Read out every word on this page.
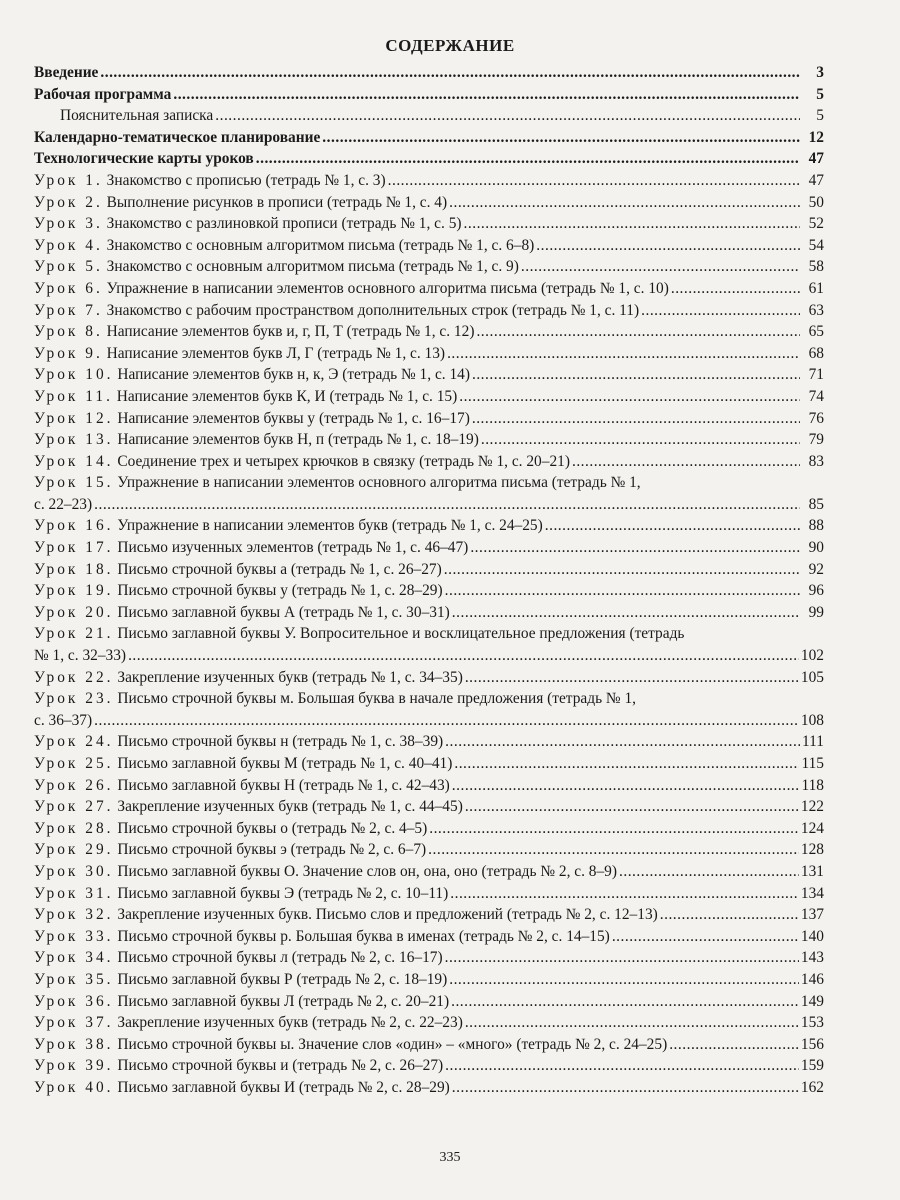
СОДЕРЖАНИЕ
Введение .....	3
Рабочая программа .....	5
Пояснительная записка .....	5
Календарно-тематическое планирование .....	12
Технологические карты уроков .....	47
Урок 1. Знакомство с прописью (тетрадь № 1, с. 3) .....	47
Урок 2. Выполнение рисунков в прописи (тетрадь № 1, с. 4) .....	50
Урок 3. Знакомство с разлиновкой прописи (тетрадь № 1, с. 5) .....	52
Урок 4. Знакомство с основным алгоритмом письма (тетрадь № 1, с. 6–8) .....	54
Урок 5. Знакомство с основным алгоритмом письма (тетрадь № 1, с. 9) .....	58
Урок 6. Упражнение в написании элементов основного алгоритма письма (тетрадь № 1, с. 10) .....	61
Урок 7. Знакомство с рабочим пространством дополнительных строк (тетрадь № 1, с. 11) .....	63
Урок 8. Написание элементов букв и, г, П, Т (тетрадь № 1, с. 12) .....	65
Урок 9. Написание элементов букв Л, Г (тетрадь № 1, с. 13) .....	68
Урок 10. Написание элементов букв н, к, Э (тетрадь № 1, с. 14) .....	71
Урок 11. Написание элементов букв К, И (тетрадь № 1, с. 15) .....	74
Урок 12. Написание элементов буквы у (тетрадь № 1, с. 16–17) .....	76
Урок 13. Написание элементов букв Н, п (тетрадь № 1, с. 18–19) .....	79
Урок 14. Соединение трех и четырех крючков в связку (тетрадь № 1, с. 20–21) .....	83
Урок 15. Упражнение в написании элементов основного алгоритма письма (тетрадь № 1,
с. 22–23) .....	85
Урок 16. Упражнение в написании элементов букв (тетрадь № 1, с. 24–25) .....	88
Урок 17. Письмо изученных элементов (тетрадь № 1, с. 46–47) .....	90
Урок 18. Письмо строчной буквы а (тетрадь № 1, с. 26–27) .....	92
Урок 19. Письмо строчной буквы у (тетрадь № 1, с. 28–29) .....	96
Урок 20. Письмо заглавной буквы А (тетрадь № 1, с. 30–31) .....	99
Урок 21. Письмо заглавной буквы У. Вопросительное и восклицательное предложения (тетрадь
№ 1, с. 32–33) .....	102
Урок 22. Закрепление изученных букв (тетрадь № 1, с. 34–35) .....	105
Урок 23. Письмо строчной буквы м. Большая буква в начале предложения (тетрадь № 1,
с. 36–37) .....	108
Урок 24. Письмо строчной буквы н (тетрадь № 1, с. 38–39) .....	111
Урок 25. Письмо заглавной буквы М (тетрадь № 1, с. 40–41) .....	115
Урок 26. Письмо заглавной буквы Н (тетрадь № 1, с. 42–43) .....	118
Урок 27. Закрепление изученных букв (тетрадь № 1, с. 44–45) .....	122
Урок 28. Письмо строчной буквы о (тетрадь № 2, с. 4–5) .....	124
Урок 29. Письмо строчной буквы э (тетрадь № 2, с. 6–7) .....	128
Урок 30. Письмо заглавной буквы О. Значение слов он, она, оно (тетрадь № 2, с. 8–9) .....	131
Урок 31. Письмо заглавной буквы Э (тетрадь № 2, с. 10–11) .....	134
Урок 32. Закрепление изученных букв. Письмо слов и предложений (тетрадь № 2, с. 12–13) .....	137
Урок 33. Письмо строчной буквы р. Большая буква в именах (тетрадь № 2, с. 14–15) .....	140
Урок 34. Письмо строчной буквы л (тетрадь № 2, с. 16–17) .....	143
Урок 35. Письмо заглавной буквы Р (тетрадь № 2, с. 18–19) .....	146
Урок 36. Письмо заглавной буквы Л (тетрадь № 2, с. 20–21) .....	149
Урок 37. Закрепление изученных букв (тетрадь № 2, с. 22–23) .....	153
Урок 38. Письмо строчной буквы ы. Значение слов «один» – «много» (тетрадь № 2, с. 24–25) .....	156
Урок 39. Письмо строчной буквы и (тетрадь № 2, с. 26–27) .....	159
Урок 40. Письмо заглавной буквы И (тетрадь № 2, с. 28–29) .....	162
335
